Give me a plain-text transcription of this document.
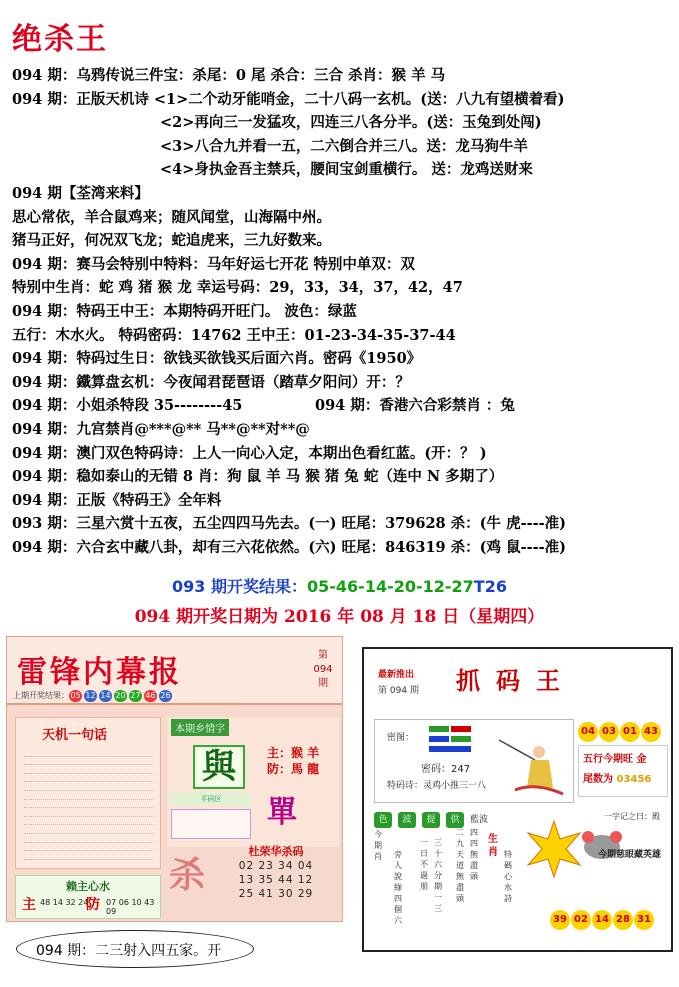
绝杀王
094 期：乌鸦传说三件宝：杀尾：0 尾 杀合：三合 杀肖：猴 羊 马
094 期：正版天机诗 <1>二个动牙能哨金，二十八码一玄机。(送：八九有望横着看)
<2>再向三一发猛攻，四连三八各分半。(送：玉兔到处闯)
<3>八合九并看一五，二六倒合并三八。送：龙马狗牛羊
<4>身执金吾主禁兵，腰间宝剑重横行。 送：龙鸡送财来
094 期【荃湾来料】
思心常依，羊合鼠鸡来；随风闻堂，山海隔中州。
猪马正好，何况双飞龙；蛇追虎来，三九好数来。
094 期：赛马会特别中特料：马年好运七开花 特别中单双：双
特别中生肖：蛇 鸡 猪 猴 龙 幸运号码：29，33，34，37，42，47
094 期：特码王中王：本期特码开旺门。 波色：绿蓝
五行：木水火。 特码密码：14762 王中王：01-23-34-35-37-44
094 期：特码过生日：欲钱买欲钱买后面六肖。密码《1950》
094 期：鐵算盘玄机：今夜闻君琵琶语（踏草夕阳问）开：？
094 期：小姐杀特段 35--------45	094 期：香港六合彩禁肖 ：兔
094 期：九宫禁肖@***@** 马**@**对**@
094 期：澳门双色特码诗：上人一向心入定，本期出色看红蓝。(开：？ )
094 期：稳如泰山的无错 8 肖：狗 鼠 羊 马 猴 猪 兔 蛇（连中 N 多期了）
094 期：正版《特码王》全年料
093 期：三星六赏十五夜，五尘四四马先去。(一) 旺尾：379628 杀：(牛 虎----准)
094 期：六合玄中藏八卦，却有三六花依然。(六) 旺尾：846319 杀：(鸡 鼠----准)
093 期开奖结果：05-46-14-20-12-27T26
094 期开奖日期为 2016 年 08 月 18 日（星期四）
雷锋内幕报	第
094
期
上期开奖结果：05 12 14 20 27 46 26
天机一句话
赖主心水
主 48 14 32 24
防 07 06 10 43 09
本期乡情字
與	主：猴 羊
防：馬 龍
單
平码区
杀
杜荣华杀码
02 23 34 04
13 35 44 12
25 41 30 29
最新推出
第 094 期 抓码王
密图：
密码：247
特码诗：灵鸡小推三一八
04 03 01 43
五行今期旺 金
尾数为 03456
色 波 提 供 藍波
今期肖 旁人說綠四個六
一日不過朋
三十六分期一三
二九天道無盡頭
四四無盡頭
生肖 特碼心水詩
一字记之曰：殿
今期慈眼藏英雄
39 02 14 28 31
094 期：二三射入四五家。开
